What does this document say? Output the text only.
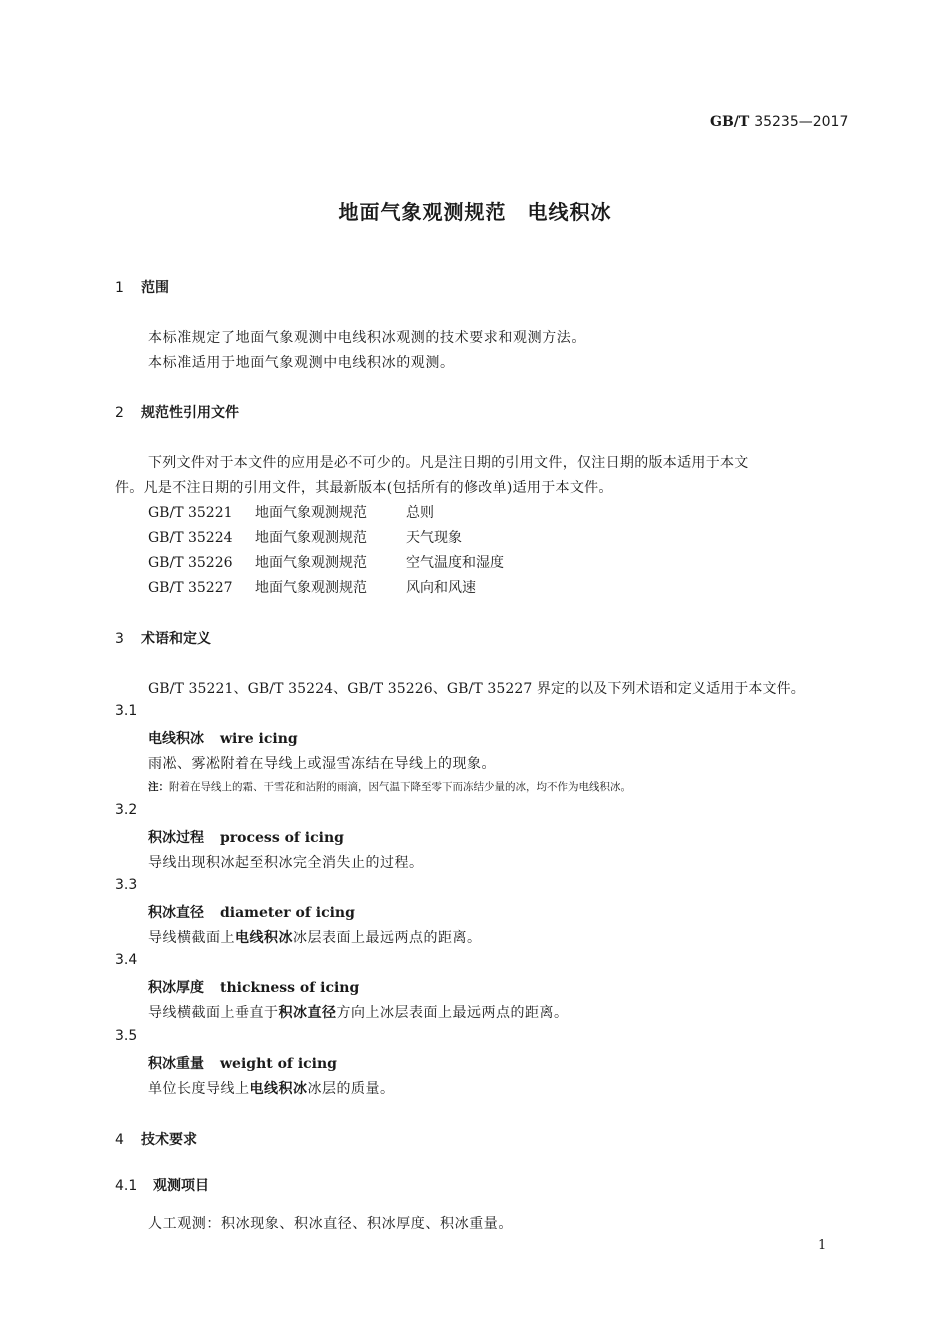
GB/T 35235—2017
地面气象观测规范　电线积冰
1 范围
本标准规定了地面气象观测中电线积冰观测的技术要求和观测方法。
本标准适用于地面气象观测中电线积冰的观测。
2 规范性引用文件
下列文件对于本文件的应用是必不可少的。凡是注日期的引用文件，仅注日期的版本适用于本文
件。凡是不注日期的引用文件，其最新版本(包括所有的修改单)适用于本文件。
GB/T 35221 地面气象观测规范	总则
GB/T 35224 地面气象观测规范	天气现象
GB/T 35226 地面气象观测规范	空气温度和湿度
GB/T 35227 地面气象观测规范	风向和风速
3 术语和定义
GB/T 35221、GB/T 35224、GB/T 35226、GB/T 35227 界定的以及下列术语和定义适用于本文件。
3.1
电线积冰 wire icing
雨凇、雾凇附着在导线上或湿雪冻结在导线上的现象。
注：附着在导线上的霜、干雪花和沾附的雨滴，因气温下降至零下而冻结少量的冰，均不作为电线积冰。
3.2
积冰过程 process of icing
导线出现积冰起至积冰完全消失止的过程。
3.3
积冰直径 diameter of icing
导线横截面上电线积冰冰层表面上最远两点的距离。
3.4
积冰厚度 thickness of icing
导线横截面上垂直于积冰直径方向上冰层表面上最远两点的距离。
3.5
积冰重量 weight of icing
单位长度导线上电线积冰冰层的质量。
4 技术要求
4.1 观测项目
人工观测：积冰现象、积冰直径、积冰厚度、积冰重量。
1
